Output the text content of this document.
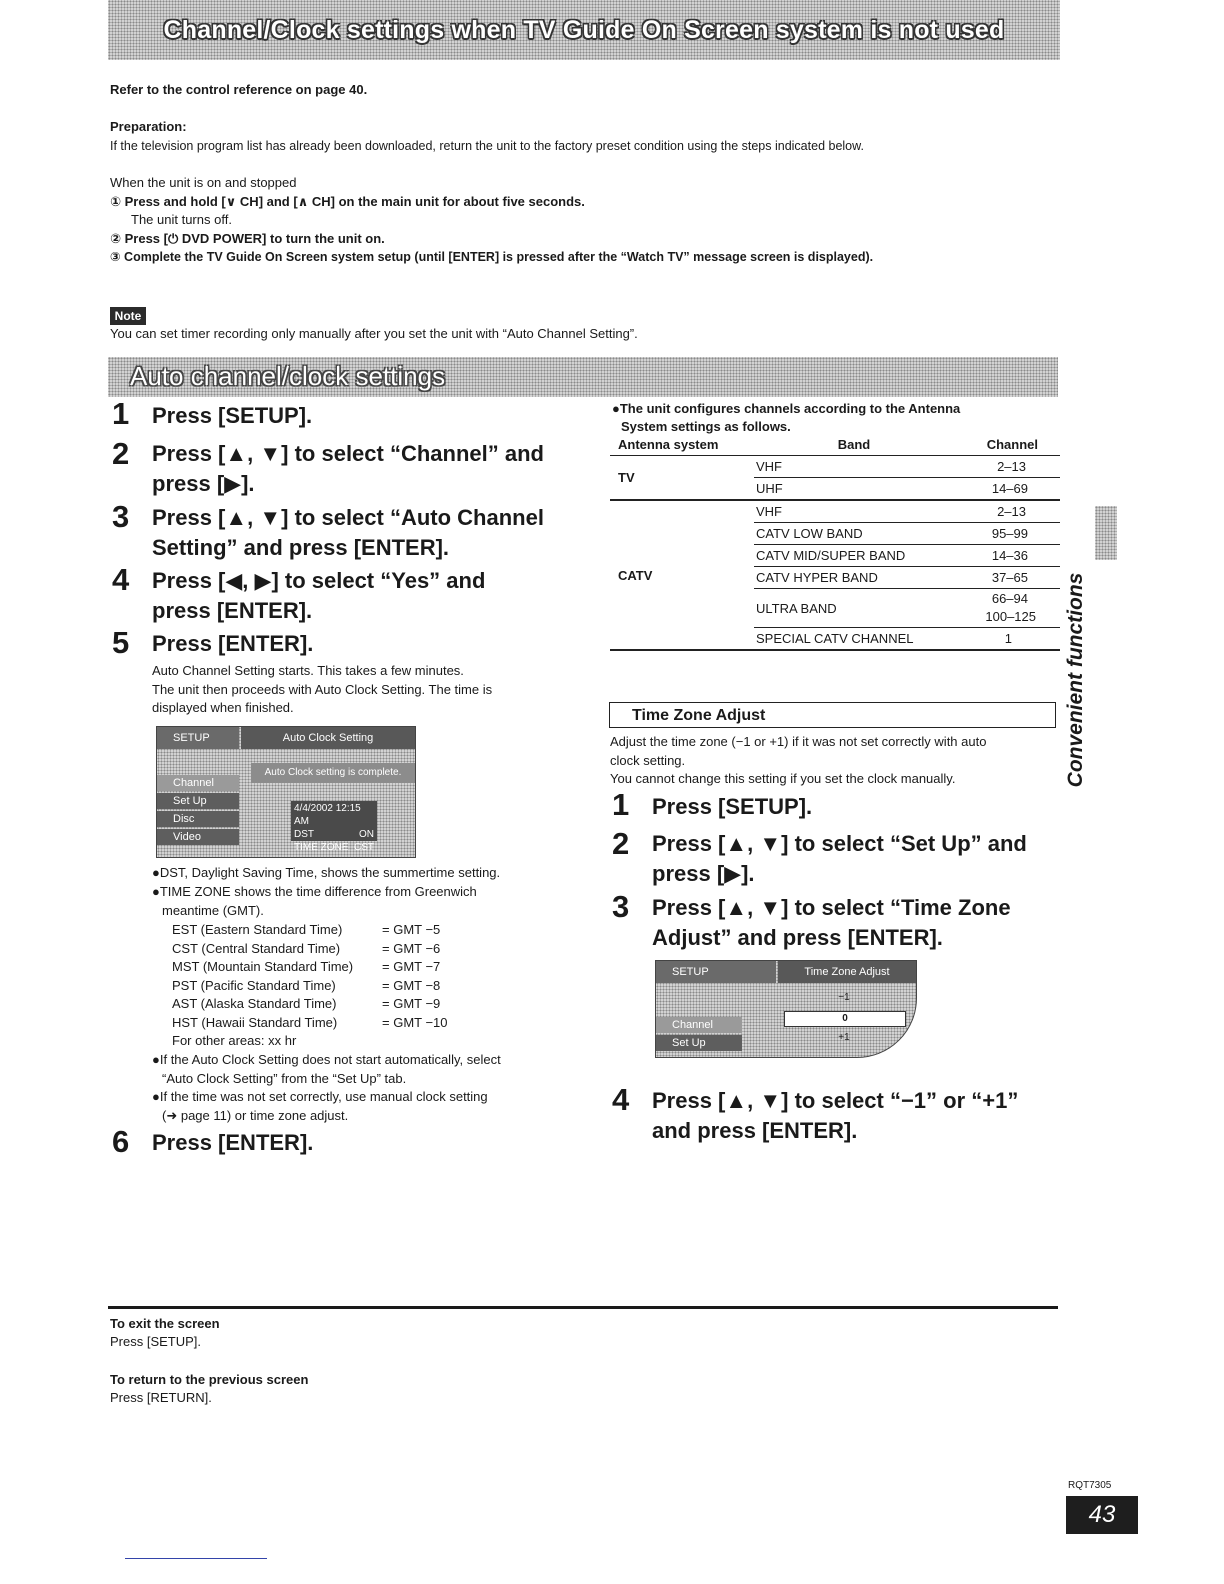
Channel/Clock settings when TV Guide On Screen system is not used
Refer to the control reference on page 40.
Preparation:
If the television program list has already been downloaded, return the unit to the factory preset condition using the steps indicated below.
When the unit is on and stopped
① Press and hold [∨ CH] and [∧ CH] on the main unit for about five seconds.
The unit turns off.
② Press [⏻ DVD POWER] to turn the unit on.
③ Complete the TV Guide On Screen system setup (until [ENTER] is pressed after the “Watch TV” message screen is displayed).
Note
You can set timer recording only manually after you set the unit with “Auto Channel Setting”.
Auto channel/clock settings
1 Press [SETUP].
2 Press [▲, ▼] to select “Channel” and
press [▶].
3 Press [▲, ▼] to select “Auto Channel
Setting” and press [ENTER].
4 Press [◀, ▶] to select “Yes” and
press [ENTER].
5 Press [ENTER].
Auto Channel Setting starts. This takes a few minutes.
The unit then proceeds with Auto Clock Setting. The time is
displayed when finished.
SETUP	Auto Clock Setting
Auto Clock setting is complete.
Channel
Set Up
Disc
Video
4/4/2002 12:15 AM
DST	ON
TIME ZONE CST
●DST, Daylight Saving Time, shows the summertime setting.
●TIME ZONE shows the time difference from Greenwich
meantime (GMT).
EST (Eastern Standard Time)	= GMT −5
CST (Central Standard Time)	= GMT −6
MST (Mountain Standard Time)	= GMT −7
PST (Pacific Standard Time)	= GMT −8
AST (Alaska Standard Time)	= GMT −9
HST (Hawaii Standard Time)	= GMT −10
For other areas: xx hr
●If the Auto Clock Setting does not start automatically, select
“Auto Clock Setting” from the “Set Up” tab.
●If the time was not set correctly, use manual clock setting
(➜ page 11) or time zone adjust.
6 Press [ENTER].
●The unit configures channels according to the Antenna
System settings as follows.
Antenna system	Band	Channel
TV	VHF	2–13
	UHF	14–69
CATV	VHF	2–13
	CATV LOW BAND	95–99
	CATV MID/SUPER BAND	14–36
	CATV HYPER BAND	37–65
	ULTRA BAND	66–94
100–125

	SPECIAL CATV CHANNEL	1
Time Zone Adjust
Adjust the time zone (−1 or +1) if it was not set correctly with auto
clock setting.
You cannot change this setting if you set the clock manually.
1 Press [SETUP].
2 Press [▲, ▼] to select “Set Up” and
press [▶].
3 Press [▲, ▼] to select “Time Zone
Adjust” and press [ENTER].
SETUP	Time Zone Adjust
−1
0
+1
Channel
Set Up
4 Press [▲, ▼] to select “−1” or “+1”
and press [ENTER].
Convenient functions
To exit the screen
Press [SETUP].
To return to the previous screen
Press [RETURN].
RQT7305
43
